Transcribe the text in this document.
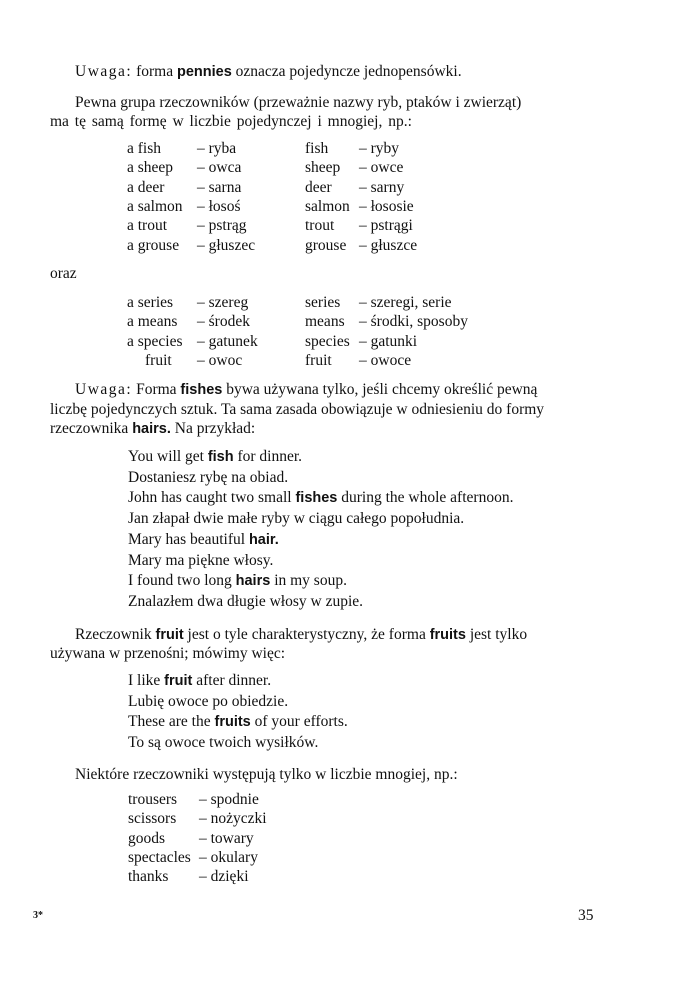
Uwaga: forma pennies oznacza pojedyncze jednopensówki.
Pewna grupa rzeczowników (przeważnie nazwy ryb, ptaków i zwierząt)
ma tę samą formę w liczbie pojedynczej i mnogiej, np.:
a fish – ryba	fish – ryby
a sheep – owca	sheep – owce
a deer – sarna	deer – sarny
a salmon – łosoś	salmon – łososie
a trout – pstrąg	trout – pstrągi
a grouse – głuszec	grouse – głuszce
oraz
a series – szereg	series – szeregi, serie
a means – środek	means – środki, sposoby
a species – gatunek	species – gatunki
fruit – owoc	fruit – owoce
Uwaga: Forma fishes bywa używana tylko, jeśli chcemy określić pewną
liczbę pojedynczych sztuk. Ta sama zasada obowiązuje w odniesieniu do formy
rzeczownika hairs. Na przykład:
You will get fish for dinner.
Dostaniesz rybę na obiad.
John has caught two small fishes during the whole afternoon.
Jan złapał dwie małe ryby w ciągu całego popołudnia.
Mary has beautiful hair.
Mary ma piękne włosy.
I found two long hairs in my soup.
Znalazłem dwa długie włosy w zupie.
Rzeczownik fruit jest o tyle charakterystyczny, że forma fruits jest tylko
używana w przenośni; mówimy więc:
I like fruit after dinner.
Lubię owoce po obiedzie.
These are the fruits of your efforts.
To są owoce twoich wysiłków.
Niektóre rzeczowniki występują tylko w liczbie mnogiej, np.:
trousers – spodnie
scissors – nożyczki
goods – towary
spectacles – okulary
thanks – dzięki
3*	35
